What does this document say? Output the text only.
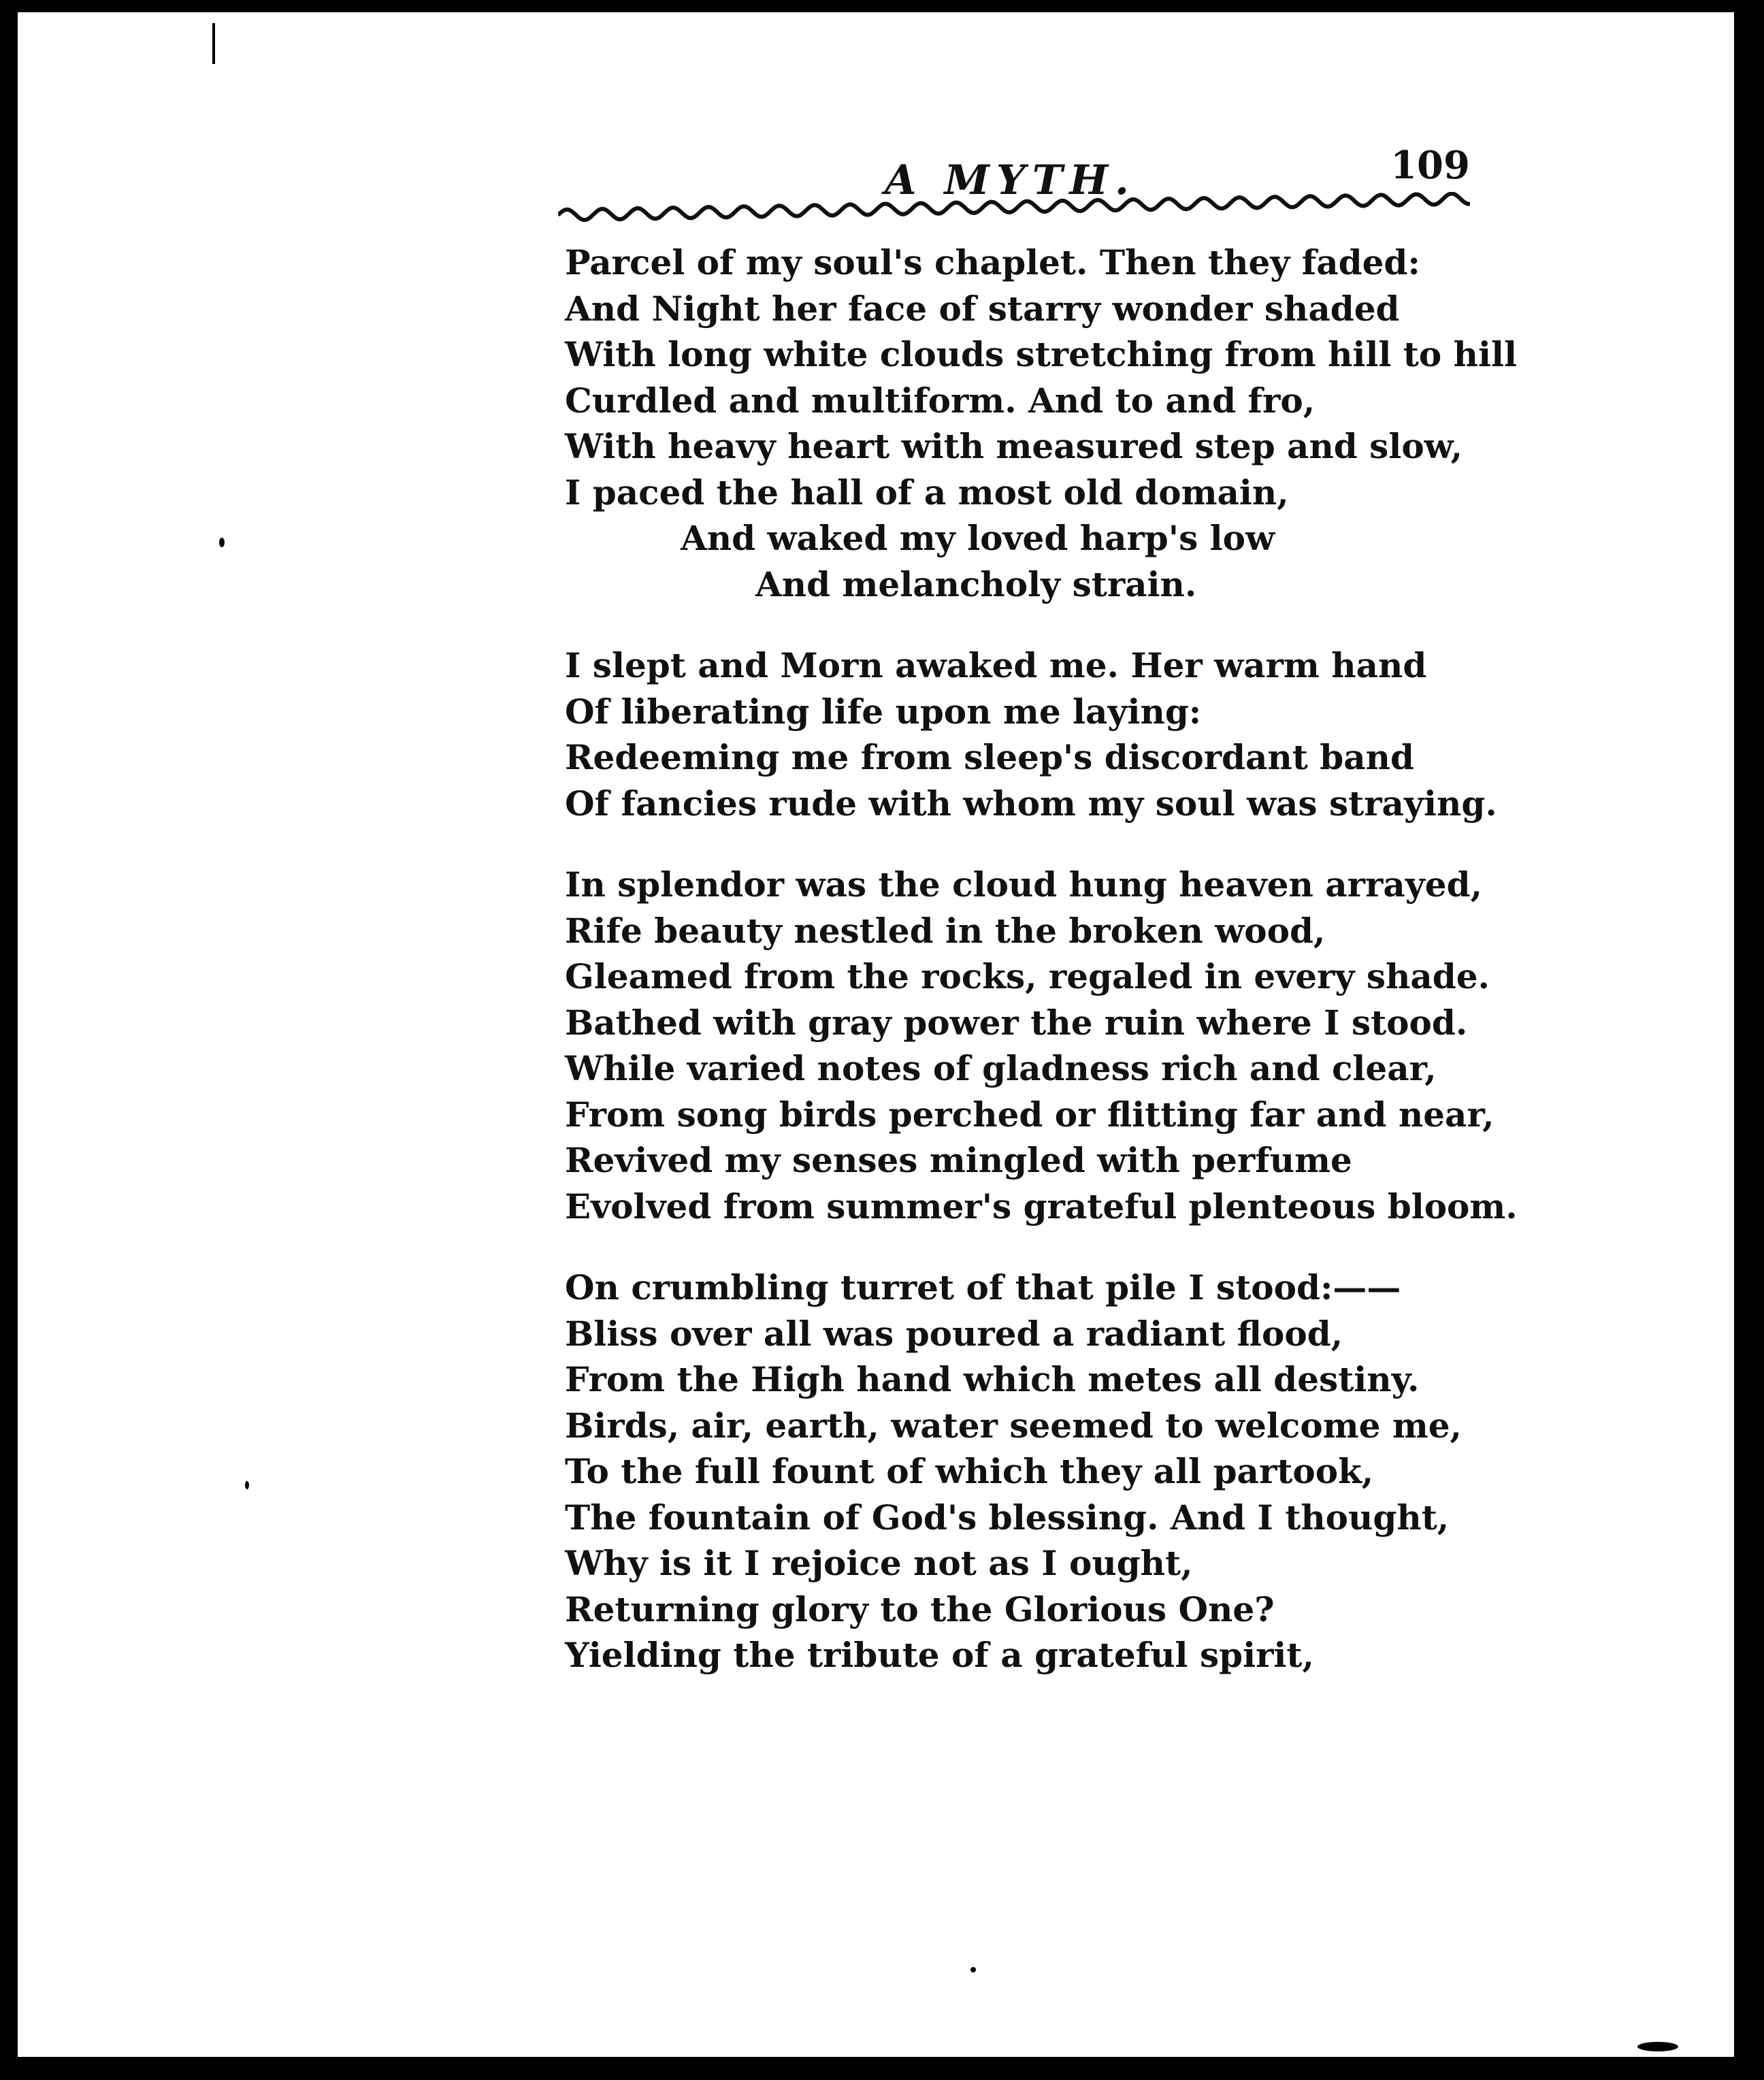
A MYTH.	109
Parcel of my soul's chaplet. Then they faded:
And Night her face of starry wonder shaded
With long white clouds stretching from hill to hill
Curdled and multiform. And to and fro,
With heavy heart with measured step and slow,
I paced the hall of a most old domain,
And waked my loved harp's low
And melancholy strain.
I slept and Morn awaked me. Her warm hand
Of liberating life upon me laying:
Redeeming me from sleep's discordant band
Of fancies rude with whom my soul was straying.
In splendor was the cloud hung heaven arrayed,
Rife beauty nestled in the broken wood,
Gleamed from the rocks, regaled in every shade.
Bathed with gray power the ruin where I stood.
While varied notes of gladness rich and clear,
From song birds perched or flitting far and near,
Revived my senses mingled with perfume
Evolved from summer's grateful plenteous bloom.
On crumbling turret of that pile I stood:——
Bliss over all was poured a radiant flood,
From the High hand which metes all destiny.
Birds, air, earth, water seemed to welcome me,
To the full fount of which they all partook,
The fountain of God's blessing. And I thought,
Why is it I rejoice not as I ought,
Returning glory to the Glorious One?
Yielding the tribute of a grateful spirit,
